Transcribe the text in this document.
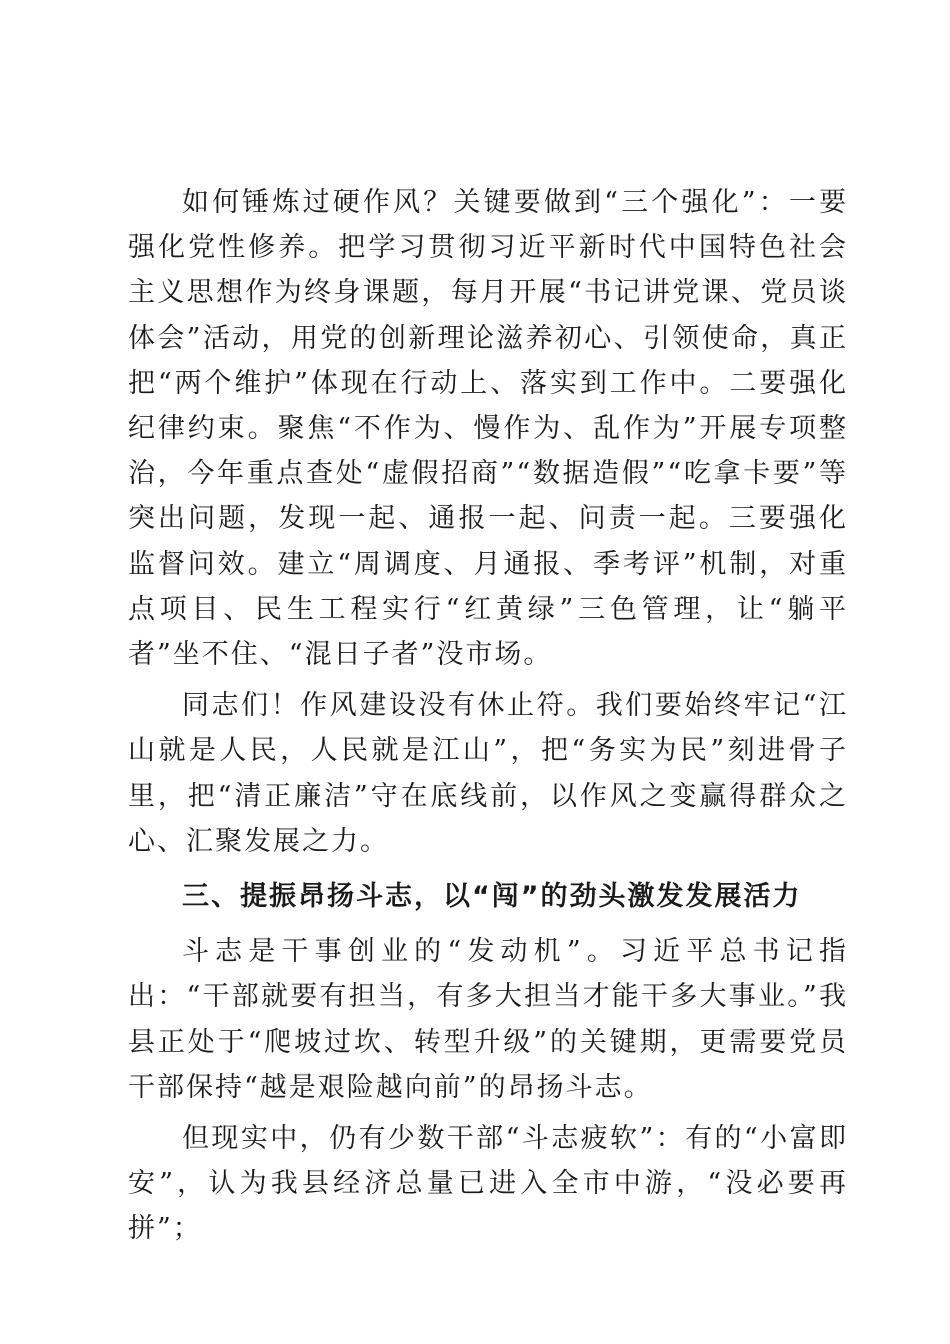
如何锤炼过硬作风？关键要做到“三个强化”：一要强化党性修养。把学习贯彻习近平新时代中国特色社会主义思想作为终身课题，每月开展“书记讲党课、党员谈体会”活动，用党的创新理论滋养初心、引领使命，真正把“两个维护”体现在行动上、落实到工作中。二要强化纪律约束。聚焦“不作为、慢作为、乱作为”开展专项整治，今年重点查处“虚假招商”“数据造假”“吃拿卡要”等突出问题，发现一起、通报一起、问责一起。三要强化监督问效。建立“周调度、月通报、季考评”机制，对重点项目、民生工程实行“红黄绿”三色管理，让“躺平者”坐不住、“混日子者”没市场。

同志们！作风建设没有休止符。我们要始终牢记“江山就是人民，人民就是江山”，把“务实为民”刻进骨子里，把“清正廉洁”守在底线前，以作风之变赢得群众之心、汇聚发展之力。

三、提振昂扬斗志，以“闯”的劲头激发发展活力

斗志是干事创业的“发动机”。习近平总书记指出：“干部就要有担当，有多大担当才能干多大事业。”我县正处于“爬坡过坎、转型升级”的关键期，更需要党员干部保持“越是艰险越向前”的昂扬斗志。

但现实中，仍有少数干部“斗志疲软”：有的“小富即安”，认为我县经济总量已进入全市中游，“没必要再拼”；
